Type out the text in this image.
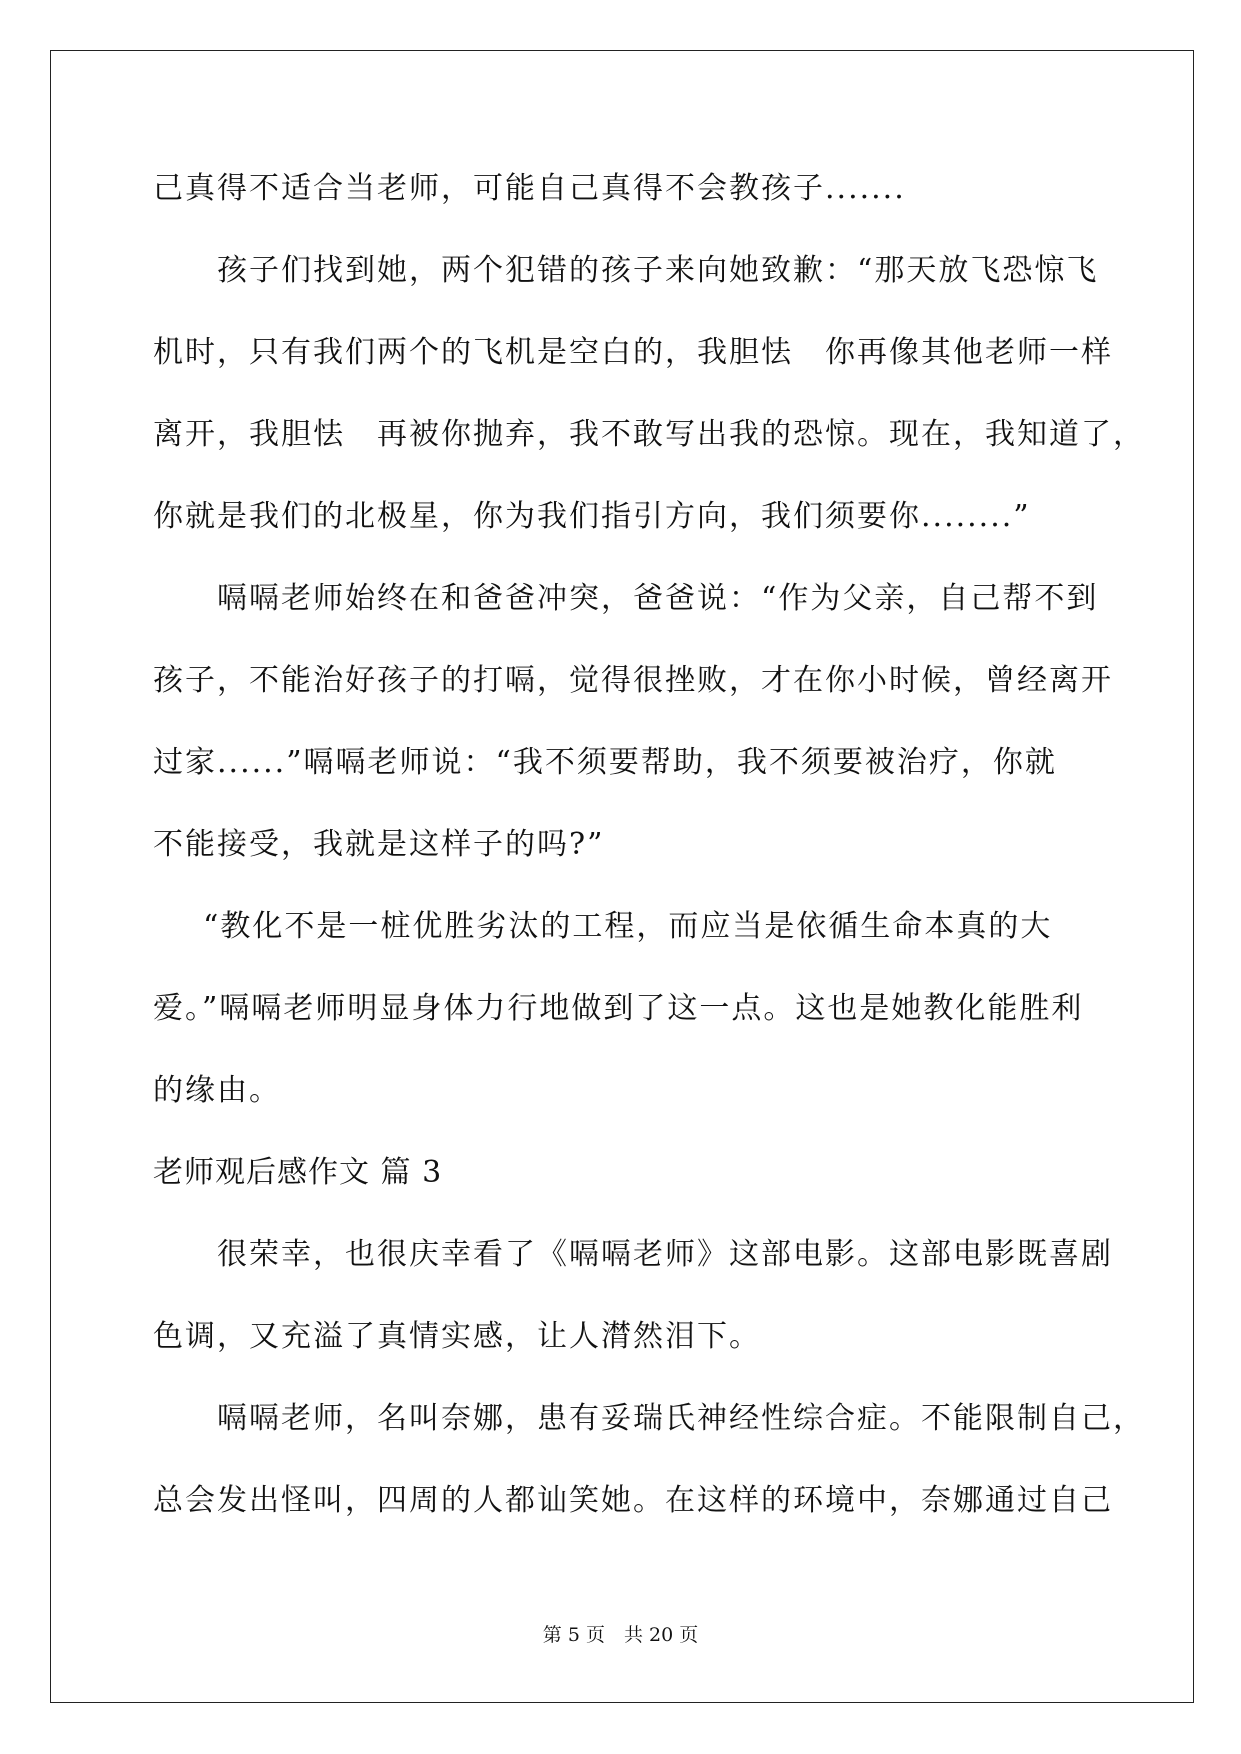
己真得不适合当老师，可能自己真得不会教孩子.......

孩子们找到她，两个犯错的孩子来向她致歉：“那天放飞恐惊飞

机时，只有我们两个的飞机是空白的，我胆怯　你再像其他老师一样

离开，我胆怯　再被你抛弃，我不敢写出我的恐惊。现在，我知道了，

你就是我们的北极星，你为我们指引方向，我们须要你........”

嗝嗝老师始终在和爸爸冲突，爸爸说：“作为父亲，自己帮不到

孩子，不能治好孩子的打嗝，觉得很挫败，才在你小时候，曾经离开

过家......”嗝嗝老师说：“我不须要帮助，我不须要被治疗，你就

不能接受，我就是这样子的吗?”

“教化不是一桩优胜劣汰的工程，而应当是依循生命本真的大

爱。”嗝嗝老师明显身体力行地做到了这一点。这也是她教化能胜利

的缘由。

老师观后感作文 篇 3

很荣幸，也很庆幸看了《嗝嗝老师》这部电影。这部电影既喜剧

色调，又充溢了真情实感，让人潸然泪下。

嗝嗝老师，名叫奈娜，患有妥瑞氏神经性综合症。不能限制自己，

总会发出怪叫，四周的人都讪笑她。在这样的环境中，奈娜通过自己

第 5 页　共 20 页
